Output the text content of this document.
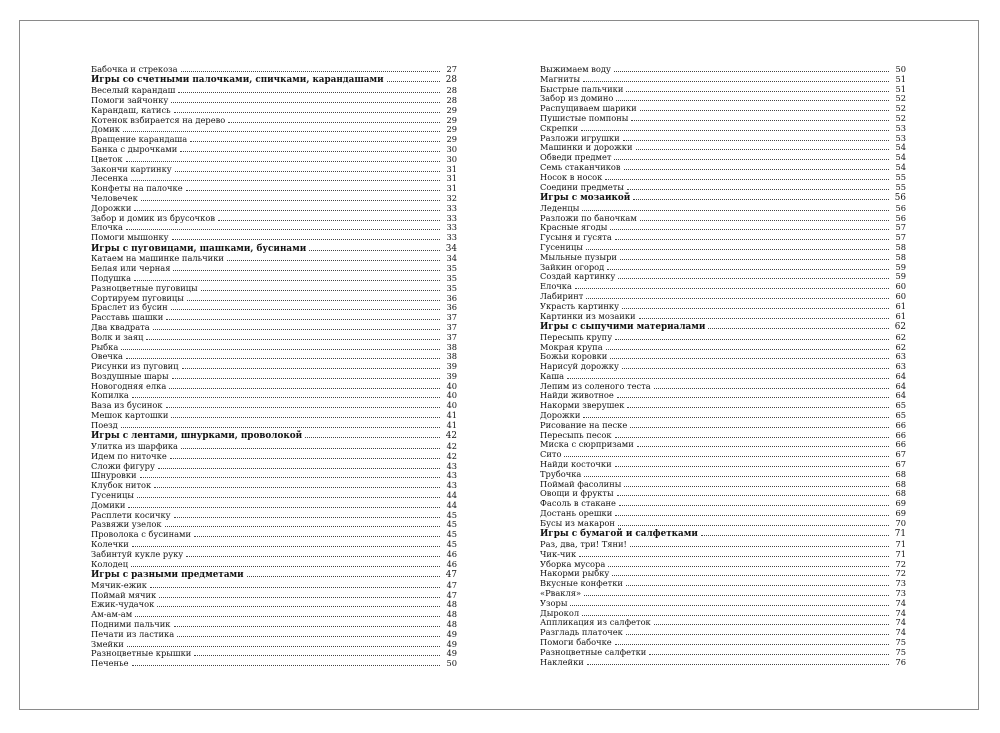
Бабочка и стрекоза	27
Игры со счетными палочками, спичками, карандашами	28
Веселый карандаш	28
Помоги зайчонку	28
Карандаш, катись	29
Котенок взбирается на дерево	29
Домик	29
Вращение карандаша	29
Банка с дырочками	30
Цветок	30
Закончи картинку	31
Лесенка	31
Конфеты на палочке	31
Человечек	32
Дорожки	33
Забор и домик из брусочков	33
Елочка	33
Помоги мышонку	33
Игры с пуговицами, шашками, бусинами	34
Катаем на машинке пальчики	34
Белая или черная	35
Подушка	35
Разноцветные пуговицы	35
Сортируем пуговицы	36
Браслет из бусин	36
Расставь шашки	37
Два квадрата	37
Волк и заяц	37
Рыбка	38
Овечка	38
Рисунки из пуговиц	39
Воздушные шары	39
Новогодняя елка	40
Копилка	40
Ваза из бусинок	40
Мешок картошки	41
Поезд	41
Игры с лентами, шнурками, проволокой	42
Улитка из шарфика	42
Идем по ниточке	42
Сложи фигуру	43
Шнуровки	43
Клубок ниток	43
Гусеницы	44
Домики	44
Расплети косичку	45
Развяжи узелок	45
Проволока с бусинами	45
Колечки	45
Забинтуй кукле руку	46
Колодец	46
Игры с разными предметами	47
Мячик-ежик	47
Поймай мячик	47
Ежик-чудачок	48
Ам-ам-ам	48
Подними пальчик	48
Печати из ластика	49
Змейки	49
Разноцветные крышки	49
Печенье	50
Выжимаем воду	50
Магниты	51
Быстрые пальчики	51
Забор из домино	52
Распущиваем шарики	52
Пушистые помпоны	52
Скрепки	53
Разложи игрушки	53
Машинки и дорожки	54
Обведи предмет	54
Семь стаканчиков	54
Носок в носок	55
Соедини предметы	55
Игры с мозаикой	56
Леденцы	56
Разложи по баночкам	56
Красные ягоды	57
Гусыня и гусята	57
Гусеницы	58
Мыльные пузыри	58
Зайкин огород	59
Создай картинку	59
Елочка	60
Лабиринт	60
Украсть картинку	61
Картинки из мозаики	61
Игры с сыпучими материалами	62
Пересыпь крупу	62
Мокрая крупа	62
Божьи коровки	63
Нарисуй дорожку	63
Каша	64
Лепим из соленого теста	64
Найди животное	64
Накорми зверушек	65
Дорожки	65
Рисование на песке	66
Пересыпь песок	66
Миска с сюрпризами	66
Сито	67
Найди косточки	67
Трубочка	68
Поймай фасолины	68
Овощи и фрукты	68
Фасоль в стакане	69
Достань орешки	69
Бусы из макарон	70
Игры с бумагой и салфетками	71
Раз, два, три! Тяни!	71
Чик-чик	71
Уборка мусора	72
Накорми рыбку	72
Вкусные конфетки	73
«Рвакля»	73
Узоры	74
Дырокол	74
Аппликация из салфеток	74
Разгладь платочек	74
Помоги бабочке	75
Разноцветные салфетки	75
Наклейки	76
